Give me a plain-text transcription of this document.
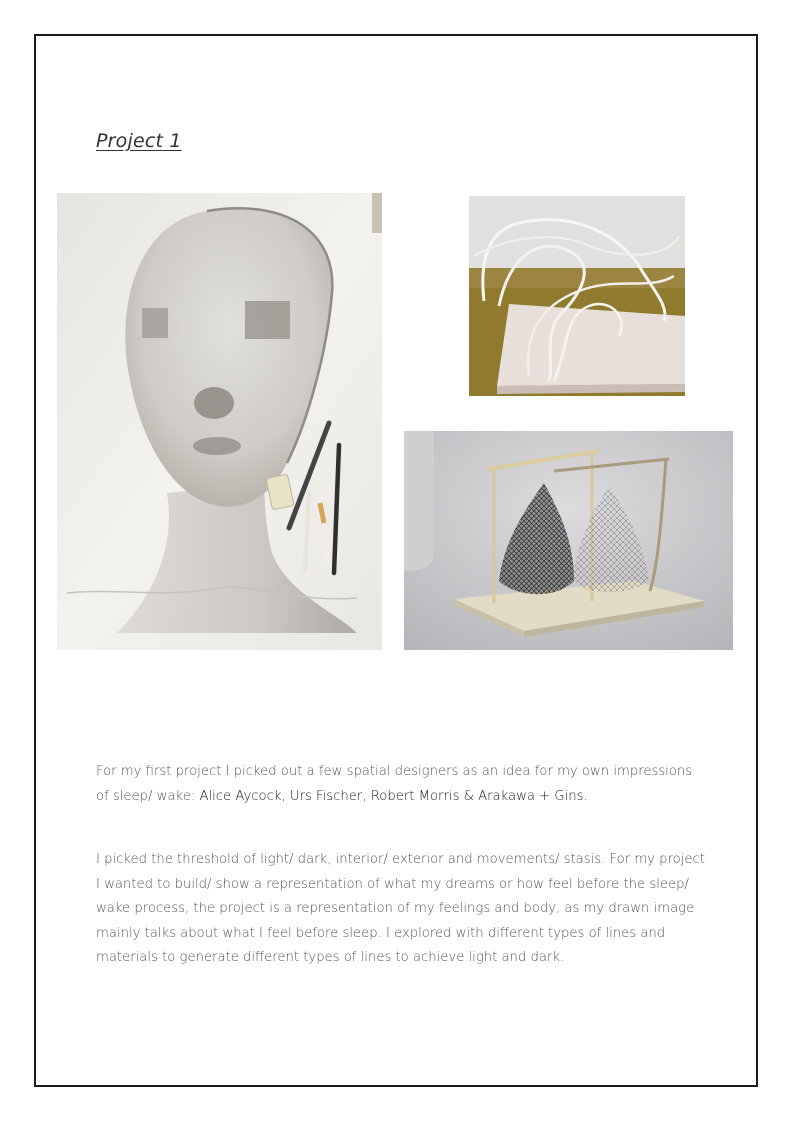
Project 1
For my first project I picked out a few spatial designers as an idea for my own impressions of sleep/ wake: Alice Aycock, Urs Fischer, Robert Morris & Arakawa + Gins.
I picked the threshold of light/ dark, interior/ exterior and movements/ stasis. For my project I wanted to build/ show a representation of what my dreams or how feel before the sleep/ wake process, the project is a representation of my feelings and body, as my drawn image mainly talks about what I feel before sleep. I explored with different types of lines and materials to generate different types of lines to achieve light and dark.
